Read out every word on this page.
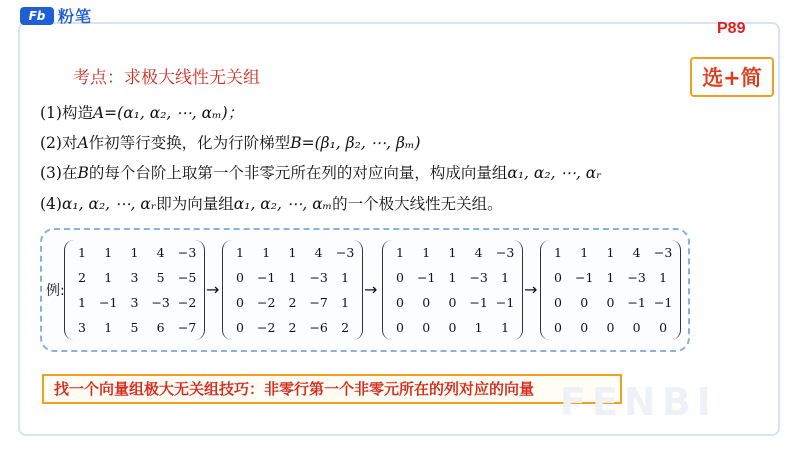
Fb 粉笔
P89
选+简
考点：求极大线性无关组
(1)构造A=(α₁, α₂, ⋯, αₘ)；
(2)对A作初等行变换，化为行阶梯型B=(β₁, β₂, ⋯, βₘ)
(3)在B的每个台阶上取第一个非零元所在列的对应向量，构成向量组α₁, α₂, ⋯, αᵣ
(4)α₁, α₂, ⋯, αᵣ即为向量组α₁, α₂, ⋯, αₘ的一个极大线性无关组。
例:
1	1	1	4	−3
2	1	3	5	−5
1	−1	3	−3	−2
3	1	5	6	−7
→
1	1	1	4	−3
0	−1	1	−3	1
0	−2	2	−7	1
0	−2	2	−6	2
→
1	1	1	4	−3
0	−1	1	−3	1
0	0	0	−1	−1
0	0	0	1	1
→
1	1	1	4	−3
0	−1	1	−3	1
0	0	0	−1	−1
0	0	0	0	0
找一个向量组极大无关组技巧：非零行第一个非零元所在的列对应的向量 FENBI
